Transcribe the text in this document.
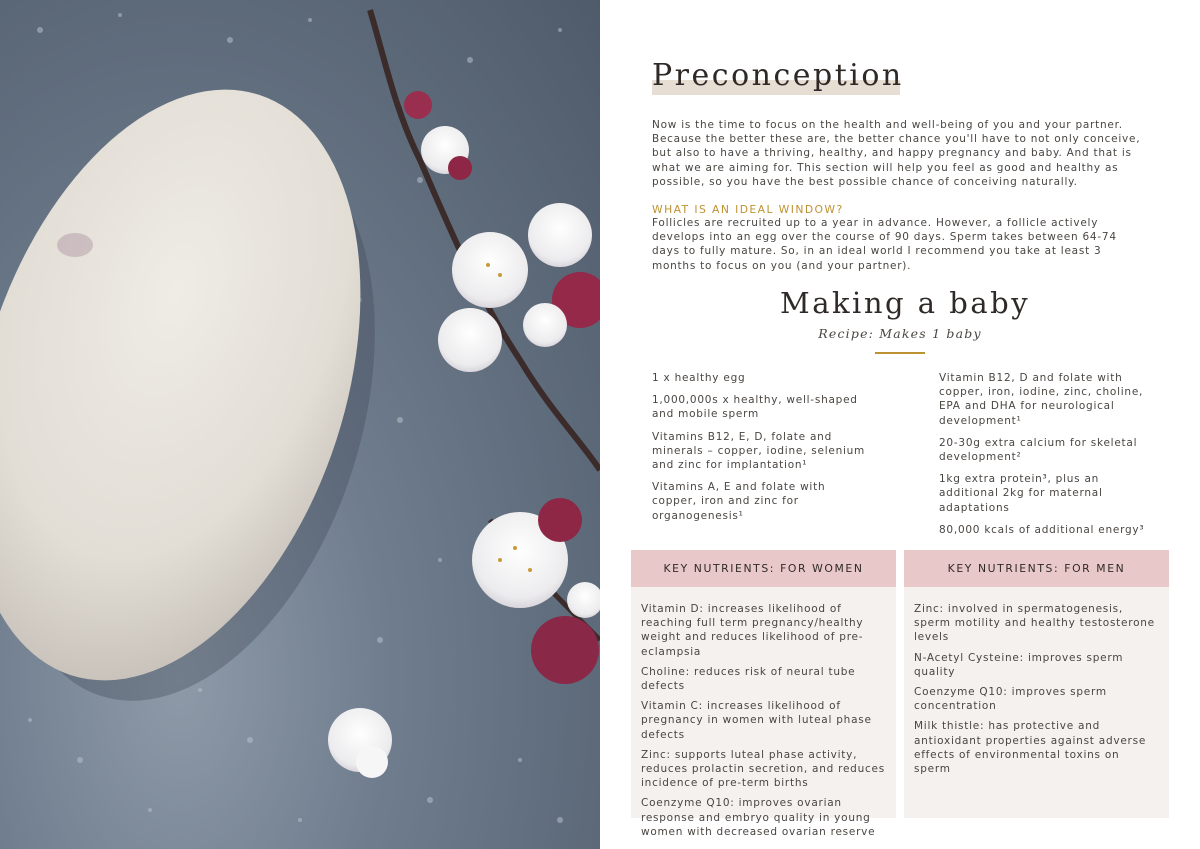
Preconception

Now is the time to focus on the health and well-being of you and your partner. Because the better these are, the better chance you'll have to not only conceive, but also to have a thriving, healthy, and happy pregnancy and baby. And that is what we are aiming for. This section will help you feel as good and healthy as possible, so you have the best possible chance of conceiving naturally.

WHAT IS AN IDEAL WINDOW?

Follicles are recruited up to a year in advance. However, a follicle actively develops into an egg over the course of 90 days. Sperm takes between 64-74 days to fully mature. So, in an ideal world I recommend you take at least 3 months to focus on you (and your partner).

Making a baby
Recipe: Makes 1 baby

1 x healthy egg

1,000,000s x healthy, well-shaped and mobile sperm

Vitamins B12, E, D, folate and minerals – copper, iodine, selenium and zinc for implantation¹

Vitamins A, E and folate with copper, iron and zinc for organogenesis¹

Vitamin B12, D and folate with copper, iron, iodine, zinc, choline, EPA and DHA for neurological development¹

20-30g extra calcium for skeletal development²

1kg extra protein³, plus an additional 2kg for maternal adaptations

80,000 kcals of additional energy³

KEY NUTRIENTS: FOR WOMEN

Vitamin D: increases likelihood of reaching full term pregnancy/healthy weight and reduces likelihood of pre-eclampsia

Choline: reduces risk of neural tube defects

Vitamin C: increases likelihood of pregnancy in women with luteal phase defects

Zinc: supports luteal phase activity, reduces prolactin secretion, and reduces incidence of pre-term births

Coenzyme Q10: improves ovarian response and embryo quality in young women with decreased ovarian reserve

KEY NUTRIENTS: FOR MEN

Zinc: involved in spermatogenesis, sperm motility and healthy testosterone levels

N-Acetyl Cysteine: improves sperm quality

Coenzyme Q10: improves sperm concentration

Milk thistle: has protective and antioxidant properties against adverse effects of environmental toxins on sperm
